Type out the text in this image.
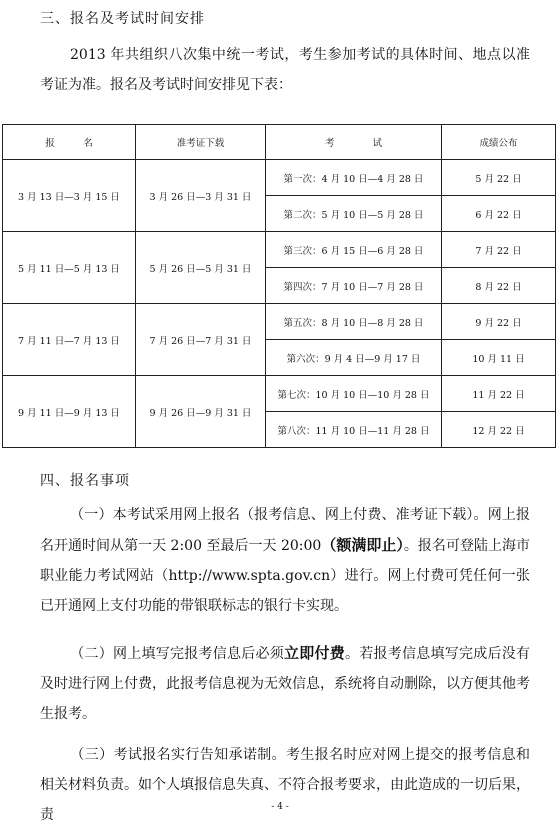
三、报名及考试时间安排
2013 年共组织八次集中统一考试，考生参加考试的具体时间、地点以准考证为准。报名及考试时间安排见下表：
报　　　名	准考证下载	考　　　　试	成绩公布
3 月 13 日—3 月 15 日	3 月 26 日—3 月 31 日	第一次：4 月 10 日—4 月 28 日	5 月 22 日
		第二次：5 月 10 日—5 月 28 日	6 月 22 日
5 月 11 日—5 月 13 日	5 月 26 日—5 月 31 日	第三次：6 月 15 日—6 月 28 日	7 月 22 日
		第四次：7 月 10 日—7 月 28 日	8 月 22 日
7 月 11 日—7 月 13 日	7 月 26 日—7 月 31 日	第五次：8 月 10 日—8 月 28 日	9 月 22 日
		第六次：9 月 4 日—9 月 17 日	10 月 11 日
9 月 11 日—9 月 13 日	9 月 26 日—9 月 31 日	第七次：10 月 10 日—10 月 28 日	11 月 22 日
		第八次：11 月 10 日—11 月 28 日	12 月 22 日
四、报名事项
（一）本考试采用网上报名（报考信息、网上付费、准考证下载）。网上报名开通时间从第一天 2:00 至最后一天 20:00（额满即止）。报名可登陆上海市职业能力考试网站（http://www.spta.gov.cn）进行。网上付费可凭任何一张已开通网上支付功能的带银联标志的银行卡实现。
（二）网上填写完报考信息后必须立即付费。若报考信息填写完成后没有及时进行网上付费，此报考信息视为无效信息，系统将自动删除，以方便其他考生报考。
（三）考试报名实行告知承诺制。考生报名时应对网上提交的报考信息和相关材料负责。如个人填报信息失真、不符合报考要求，由此造成的一切后果，责	- 4 -
